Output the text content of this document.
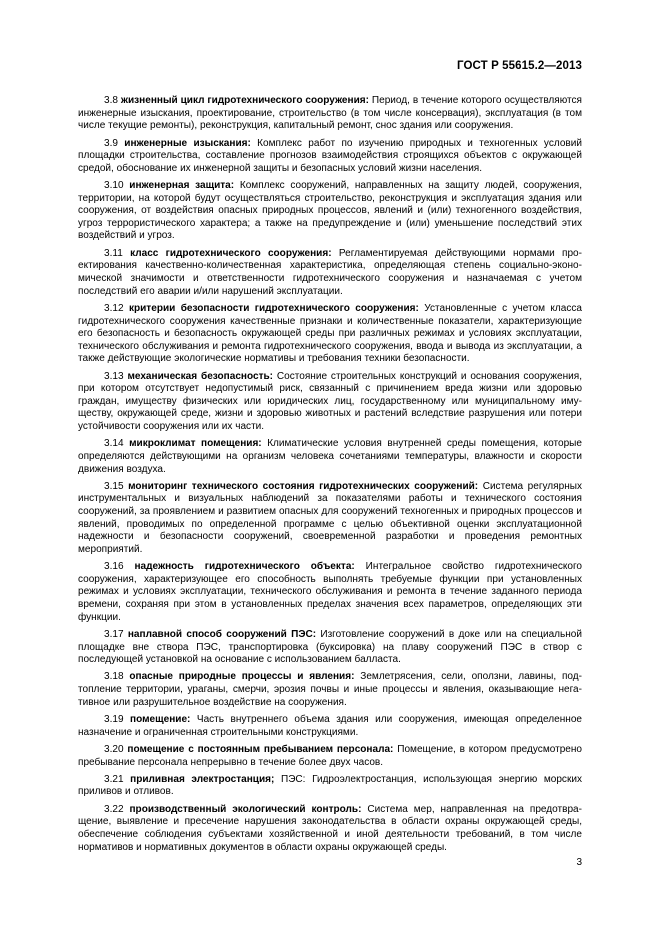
ГОСТ Р 55615.2—2013

3.8 жизненный цикл гидротехнического сооружения: Период, в течение которого осуществляются инженерные изыскания, проектирование, строительство (в том числе консервация), эксплуатация (в том числе текущие ремонты), реконструкция, капитальный ремонт, снос здания или сооружения.

3.9 инженерные изыскания: Комплекс работ по изучению природных и техногенных условий площадки строительства, составление прогнозов взаимодействия строящихся объектов с окружающей средой, обоснование их инженерной защиты и безопасных условий жизни населения.

3.10 инженерная защита: Комплекс сооружений, направленных на защиту людей, сооружения, территории, на которой будут осуществляться строительство, реконструкция и эксплуатация здания или сооружения, от воздействия опасных природных процессов, явлений и (или) техногенного воздействия, угроз террористического характера; а также на предупреждение и (или) уменьшение последствий этих воздействий и угроз.

3.11 класс гидротехнического сооружения: Регламентируемая действующими нормами проектирования качественно-количественная характеристика, определяющая степень социально-экономической значимости и ответственности гидротехнического сооружения и назначаемая с учетом последствий его аварии и/или нарушений эксплуатации.

3.12 критерии безопасности гидротехнического сооружения: Установленные с учетом класса гидротехнического сооружения качественные признаки и количественные показатели, характеризующие его безопасность и безопасность окружающей среды при различных режимах и условиях эксплуатации, технического обслуживания и ремонта гидротехнического сооружения, ввода и вывода из эксплуатации, а также действующие экологические нормативы и требования техники безопасности.

3.13 механическая безопасность: Состояние строительных конструкций и основания сооружения, при котором отсутствует недопустимый риск, связанный с причинением вреда жизни или здоровью граждан, имуществу физических или юридических лиц, государственному или муниципальному имуществу, окружающей среде, жизни и здоровью животных и растений вследствие разрушения или потери устойчивости сооружения или их части.

3.14 микроклимат помещения: Климатические условия внутренней среды помещения, которые определяются действующими на организм человека сочетаниями температуры, влажности и скорости движения воздуха.

3.15 мониторинг технического состояния гидротехнических сооружений: Система регулярных инструментальных и визуальных наблюдений за показателями работы и технического состояния сооружений, за проявлением и развитием опасных для сооружений техногенных и природных процессов и явлений, проводимых по определенной программе с целью объективной оценки эксплуатационной надежности и безопасности сооружений, своевременной разработки и проведения ремонтных мероприятий.

3.16 надежность гидротехнического объекта: Интегральное свойство гидротехнического сооружения, характеризующее его способность выполнять требуемые функции при установленных режимах и условиях эксплуатации, технического обслуживания и ремонта в течение заданного периода времени, сохраняя при этом в установленных пределах значения всех параметров, определяющих эти функции.

3.17 наплавной способ сооружений ПЭС: Изготовление сооружений в доке или на специальной площадке вне створа ПЭС, транспортировка (буксировка) на плаву сооружений ПЭС в створ с последующей установкой на основание с использованием балласта.

3.18 опасные природные процессы и явления: Землетрясения, сели, оползни, лавины, подтопление территории, ураганы, смерчи, эрозия почвы и иные процессы и явления, оказывающие негативное или разрушительное воздействие на сооружения.

3.19 помещение: Часть внутреннего объема здания или сооружения, имеющая определенное назначение и ограниченная строительными конструкциями.

3.20 помещение с постоянным пребыванием персонала: Помещение, в котором предусмотрено пребывание персонала непрерывно в течение более двух часов.

3.21 приливная электростанция; ПЭС: Гидроэлектростанция, использующая энергию морских приливов и отливов.

3.22 производственный экологический контроль: Система мер, направленная на предотвращение, выявление и пресечение нарушения законодательства в области охраны окружающей среды, обеспечение соблюдения субъектами хозяйственной и иной деятельности требований, в том числе нормативов и нормативных документов в области охраны окружающей среды.

3
